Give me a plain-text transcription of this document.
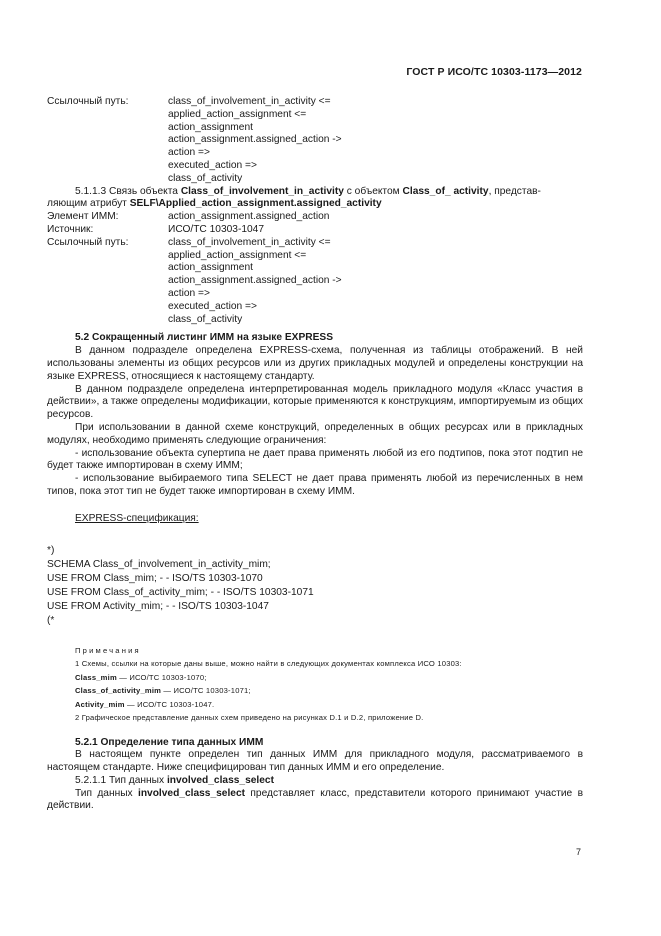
ГОСТ Р ИСО/ТС 10303-1173—2012
Ссылочный путь:	class_of_involvement_in_activity <=
applied_action_assignment <=
action_assignment
action_assignment.assigned_action ->
action =>
executed_action =>
class_of_activity

5.1.1.3 Связь объекта Class_of_involvement_in_activity с объектом Class_of_ activity, представ-

ляющим атрибут SELF\Applied_action_assignment.assigned_activity
Элемент ИММ:	action_assignment.assigned_action
Источник:	ИСО/ТС 10303-1047
Ссылочный путь:	class_of_involvement_in_activity <=
applied_action_assignment <=
action_assignment
action_assignment.assigned_action ->
action =>
executed_action =>
class_of_activity
5.2 Сокращенный листинг ИММ на языке EXPRESS

В данном подразделе определена EXPRESS-схема, полученная из таблицы отображений. В ней использованы элементы из общих ресурсов или из других прикладных модулей и определены конструкции на языке EXPRESS, относящиеся к настоящему стандарту.

В данном подразделе определена интерпретированная модель прикладного модуля «Класс участия в действии», а также определены модификации, которые применяются к конструкциям, импортируемым из общих ресурсов.

При использовании в данной схеме конструкций, определенных в общих ресурсах или в прикладных модулях, необходимо применять следующие ограничения:

- использование объекта супертипа не дает права применять любой из его подтипов, пока этот подтип не будет также импортирован в схему ИММ;

- использование выбираемого типа SELECT не дает права применять любой из перечисленных в нем типов, пока этот тип не будет также импортирован в схему ИММ.

EXPRESS-спецификация:
*)
SCHEMA Class_of_involvement_in_activity_mim;
USE FROM Class_mim; - - ISO/TS 10303-1070
USE FROM Class_of_activity_mim; - - ISO/TS 10303-1071
USE FROM Activity_mim; - - ISO/TS 10303-1047
(*
Примечания
1 Схемы, ссылки на которые даны выше, можно найти в следующих документах комплекса ИСО 10303:
Class_mim — ИСО/ТС 10303-1070;
Class_of_activity_mim — ИСО/ТС 10303-1071;
Activity_mim — ИСО/ТС 10303-1047.
2 Графическое представление данных схем приведено на рисунках D.1 и D.2, приложение D.
5.2.1 Определение типа данных ИММ

В настоящем пункте определен тип данных ИММ для прикладного модуля, рассматриваемого в настоящем стандарте. Ниже специфицирован тип данных ИММ и его определение.

5.2.1.1 Тип данных involved_class_select

Тип данных involved_class_select представляет класс, представители которого принимают участие в действии.

7
